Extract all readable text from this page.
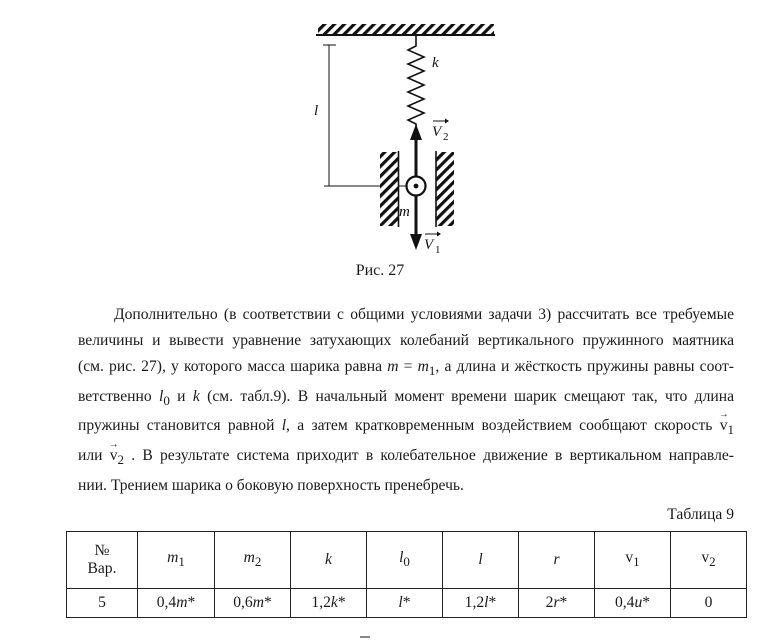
l
k
m
V 2
V 1
Рис. 27
Дополнительно (в соответствии с общими условиями задачи 3) рассчитать все требуемые
величины и вывести уравнение затухающих колебаний вертикального пружинного маятника
(см. рис. 27), у которого масса шарика равна $m = m_1$, а длина и жёсткость пружины равны соот-
ветственно $l_0$ и k (см. табл.9). В начальный момент времени шарик смещают так, что длина
пружины становится равной l, а затем кратковременным воздействием сообщают скорость → $v_1$
или → $v_2$ . В результате система приходит в колебательное движение в вертикальном направле-
нии. Трением шарика о боковую поверхность пренебречь.
Таблица 9
№
Вар.	$m_1$	$m_2$	k	$l_0$	l	r	$v_1$	$v_2$
5	0,4m*	0,6m*	1,2k*	l*	1,2l*	2r*	0,4u*	0
